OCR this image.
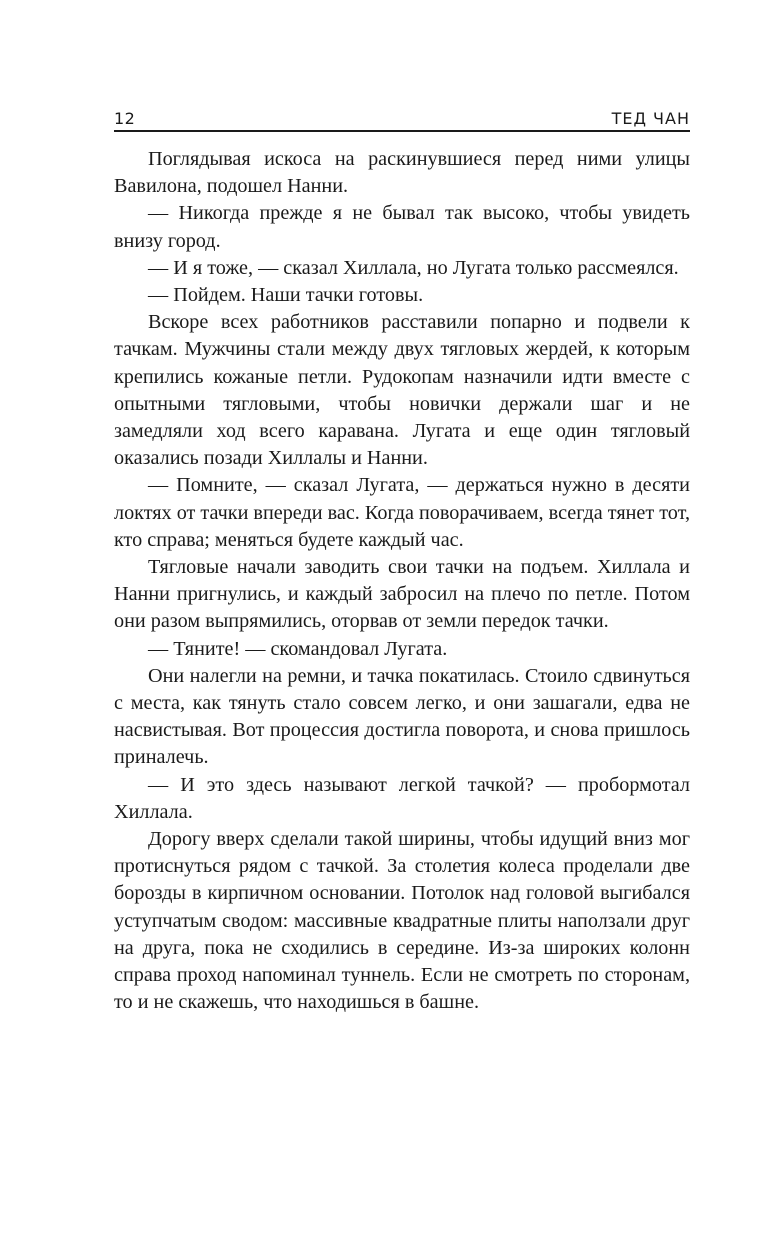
12	ТЕД ЧАН

Поглядывая искоса на раскинувшиеся перед ними улицы Вавилона, подошел Нанни.

— Никогда прежде я не бывал так высоко, чтобы увидеть внизу город.

— И я тоже, — сказал Хиллала, но Лугата только рассмеялся.

— Пойдем. Наши тачки готовы.

Вскоре всех работников расставили попарно и подвели к тачкам. Мужчины стали между двух тягловых жердей, к которым крепились кожаные петли. Рудокопам назначили идти вместе с опытными тягловыми, чтобы новички держали шаг и не замедляли ход всего каравана. Лугата и еще один тягловый оказались позади Хиллалы и Нанни.

— Помните, — сказал Лугата, — держаться нужно в десяти локтях от тачки впереди вас. Когда поворачиваем, всегда тянет тот, кто справа; меняться будете каждый час.

Тягловые начали заводить свои тачки на подъем. Хиллала и Нанни пригнулись, и каждый забросил на плечо по петле. Потом они разом выпрямились, оторвав от земли передок тачки.

— Тяните! — скомандовал Лугата.

Они налегли на ремни, и тачка покатилась. Стоило сдвинуться с места, как тянуть стало совсем легко, и они зашагали, едва не насвистывая. Вот процессия достигла поворота, и снова пришлось приналечь.

— И это здесь называют легкой тачкой? — пробормотал Хиллала.

Дорогу вверх сделали такой ширины, чтобы идущий вниз мог протиснуться рядом с тачкой. За столетия колеса проделали две борозды в кирпичном основании. Потолок над головой выгибался уступчатым сводом: массивные квадратные плиты наползали друг на друга, пока не сходились в середине. Из-за широких колонн справа проход напоминал туннель. Если не смотреть по сторонам, то и не скажешь, что находишься в башне.
